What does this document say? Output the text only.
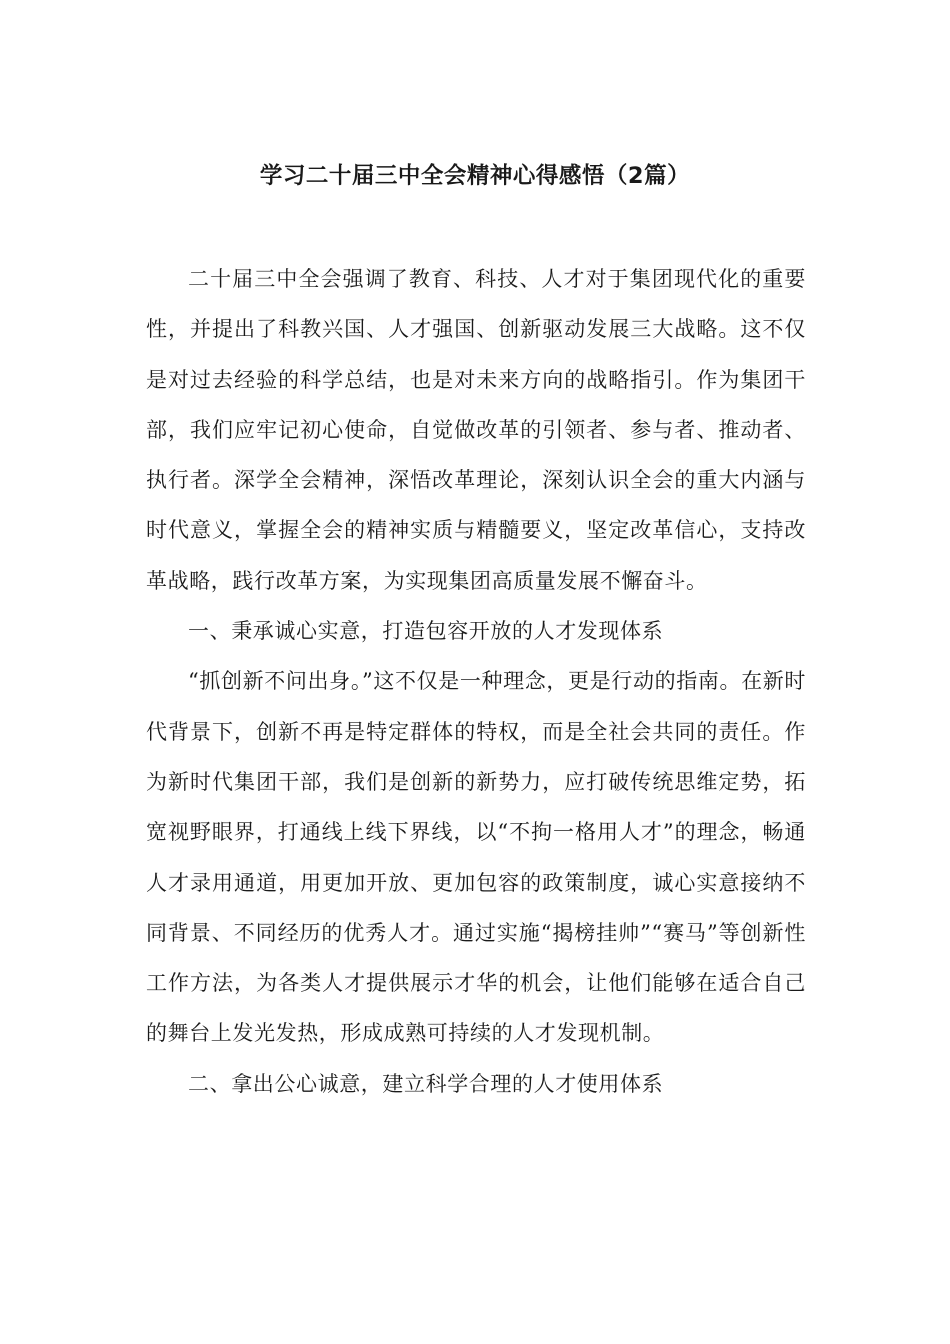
学习二十届三中全会精神心得感悟（2篇）

二十届三中全会强调了教育、科技、人才对于集团现代化的重要性，并提出了科教兴国、人才强国、创新驱动发展三大战略。这不仅是对过去经验的科学总结，也是对未来方向的战略指引。作为集团干部，我们应牢记初心使命，自觉做改革的引领者、参与者、推动者、执行者。深学全会精神，深悟改革理论，深刻认识全会的重大内涵与时代意义，掌握全会的精神实质与精髓要义，坚定改革信心，支持改革战略，践行改革方案，为实现集团高质量发展不懈奋斗。

一、秉承诚心实意，打造包容开放的人才发现体系

“抓创新不问出身。”这不仅是一种理念，更是行动的指南。在新时代背景下，创新不再是特定群体的特权，而是全社会共同的责任。作为新时代集团干部，我们是创新的新势力，应打破传统思维定势，拓宽视野眼界，打通线上线下界线，以“不拘一格用人才”的理念，畅通人才录用通道，用更加开放、更加包容的政策制度，诚心实意接纳不同背景、不同经历的优秀人才。通过实施“揭榜挂帅”“赛马”等创新性工作方法，为各类人才提供展示才华的机会，让他们能够在适合自己的舞台上发光发热，形成成熟可持续的人才发现机制。

二、拿出公心诚意，建立科学合理的人才使用体系
